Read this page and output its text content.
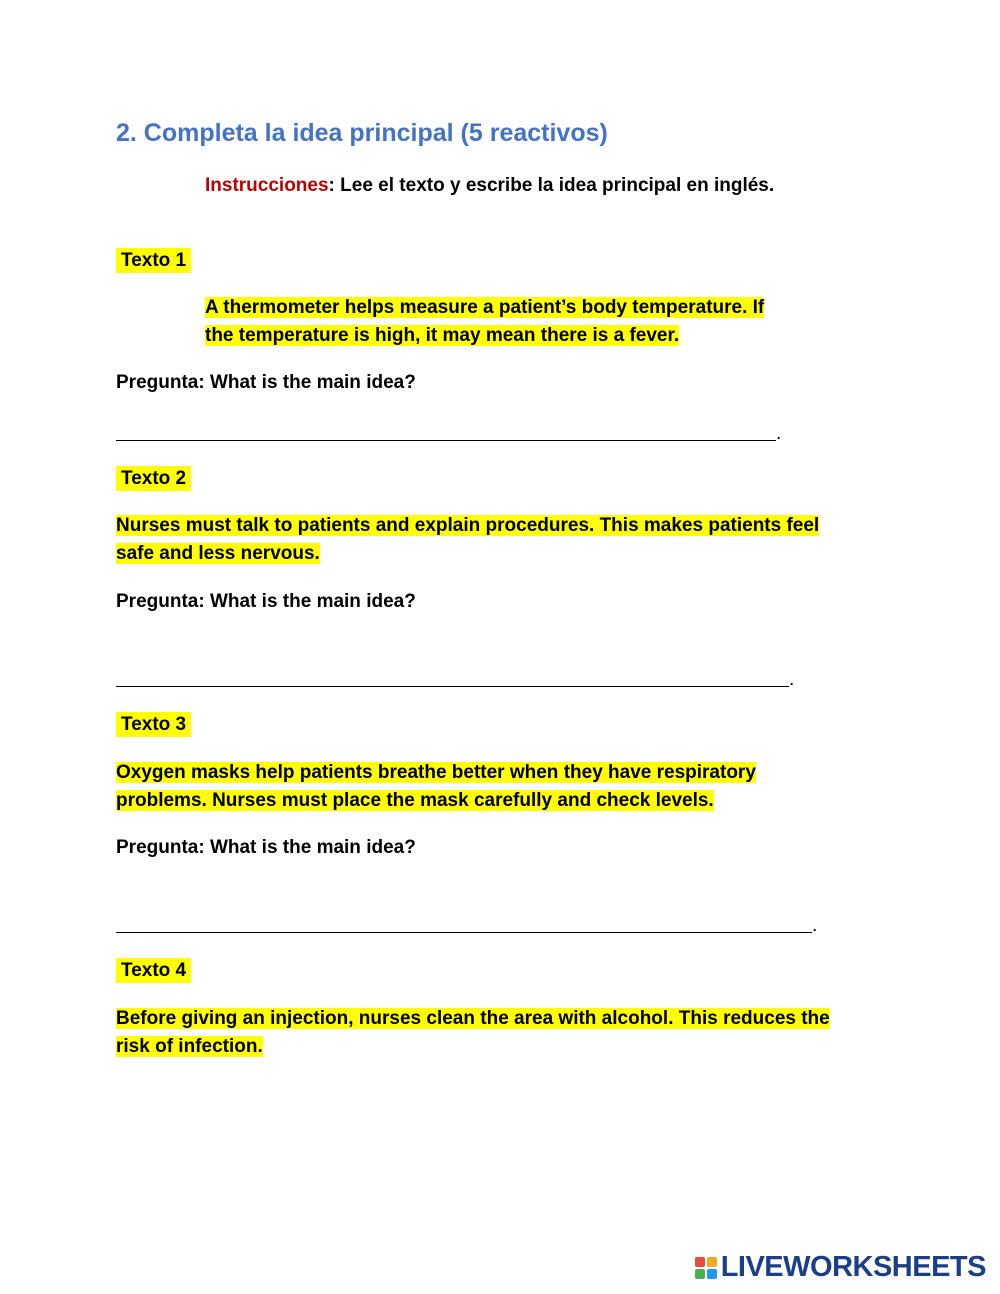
2. Completa la idea principal (5 reactivos)
Instrucciones: Lee el texto y escribe la idea principal en inglés.
Texto 1
A thermometer helps measure a patient’s body temperature. If
the temperature is high, it may mean there is a fever.
Pregunta: What is the main idea?
.
Texto 2
Nurses must talk to patients and explain procedures. This makes patients feel
safe and less nervous.
Pregunta: What is the main idea?
.
Texto 3
Oxygen masks help patients breathe better when they have respiratory
problems. Nurses must place the mask carefully and check levels.
Pregunta: What is the main idea?
.
Texto 4
Before giving an injection, nurses clean the area with alcohol. This reduces the
risk of infection.
LIVEWORKSHEETS
